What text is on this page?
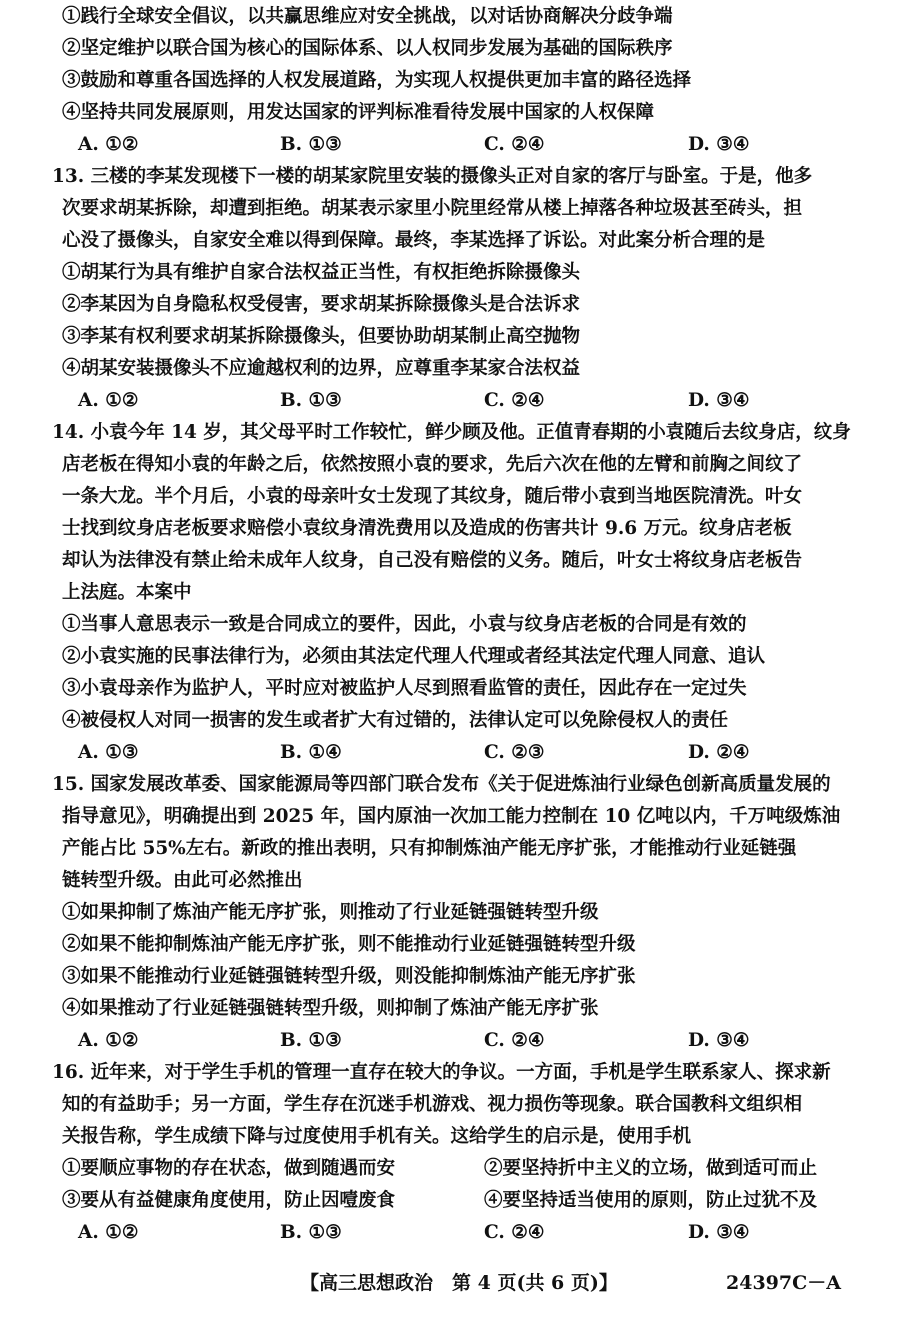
①践行全球安全倡议，以共赢思维应对安全挑战，以对话协商解决分歧争端
②坚定维护以联合国为核心的国际体系、以人权同步发展为基础的国际秩序
③鼓励和尊重各国选择的人权发展道路，为实现人权提供更加丰富的路径选择
④坚持共同发展原则，用发达国家的评判标准看待发展中国家的人权保障
A. ①②	B. ①③	C. ②④	D. ③④
13. 三楼的李某发现楼下一楼的胡某家院里安装的摄像头正对自家的客厅与卧室。于是，他多
次要求胡某拆除，却遭到拒绝。胡某表示家里小院里经常从楼上掉落各种垃圾甚至砖头，担
心没了摄像头，自家安全难以得到保障。最终，李某选择了诉讼。对此案分析合理的是
①胡某行为具有维护自家合法权益正当性，有权拒绝拆除摄像头
②李某因为自身隐私权受侵害，要求胡某拆除摄像头是合法诉求
③李某有权利要求胡某拆除摄像头，但要协助胡某制止高空抛物
④胡某安装摄像头不应逾越权利的边界，应尊重李某家合法权益
A. ①②	B. ①③	C. ②④	D. ③④
14. 小袁今年 14 岁，其父母平时工作较忙，鲜少顾及他。正值青春期的小袁随后去纹身店，纹身
店老板在得知小袁的年龄之后，依然按照小袁的要求，先后六次在他的左臂和前胸之间纹了
一条大龙。半个月后，小袁的母亲叶女士发现了其纹身，随后带小袁到当地医院清洗。叶女
士找到纹身店老板要求赔偿小袁纹身清洗费用以及造成的伤害共计 9.6 万元。纹身店老板
却认为法律没有禁止给未成年人纹身，自己没有赔偿的义务。随后，叶女士将纹身店老板告
上法庭。本案中
①当事人意思表示一致是合同成立的要件，因此，小袁与纹身店老板的合同是有效的
②小袁实施的民事法律行为，必须由其法定代理人代理或者经其法定代理人同意、追认
③小袁母亲作为监护人，平时应对被监护人尽到照看监管的责任，因此存在一定过失
④被侵权人对同一损害的发生或者扩大有过错的，法律认定可以免除侵权人的责任
A. ①③	B. ①④	C. ②③	D. ②④
15. 国家发展改革委、国家能源局等四部门联合发布《关于促进炼油行业绿色创新高质量发展的
指导意见》，明确提出到 2025 年，国内原油一次加工能力控制在 10 亿吨以内，千万吨级炼油
产能占比 55%左右。新政的推出表明，只有抑制炼油产能无序扩张，才能推动行业延链强
链转型升级。由此可必然推出
①如果抑制了炼油产能无序扩张，则推动了行业延链强链转型升级
②如果不能抑制炼油产能无序扩张，则不能推动行业延链强链转型升级
③如果不能推动行业延链强链转型升级，则没能抑制炼油产能无序扩张
④如果推动了行业延链强链转型升级，则抑制了炼油产能无序扩张
A. ①②	B. ①③	C. ②④	D. ③④
16. 近年来，对于学生手机的管理一直存在较大的争议。一方面，手机是学生联系家人、探求新
知的有益助手；另一方面，学生存在沉迷手机游戏、视力损伤等现象。联合国教科文组织相
关报告称，学生成绩下降与过度使用手机有关。这给学生的启示是，使用手机
①要顺应事物的存在状态，做到随遇而安	②要坚持折中主义的立场，做到适可而止
③要从有益健康角度使用，防止因噎废食	④要坚持适当使用的原则，防止过犹不及
A. ①②	B. ①③	C. ②④	D. ③④
【高三思想政治　第 4 页(共 6 页)】	24397C－A
